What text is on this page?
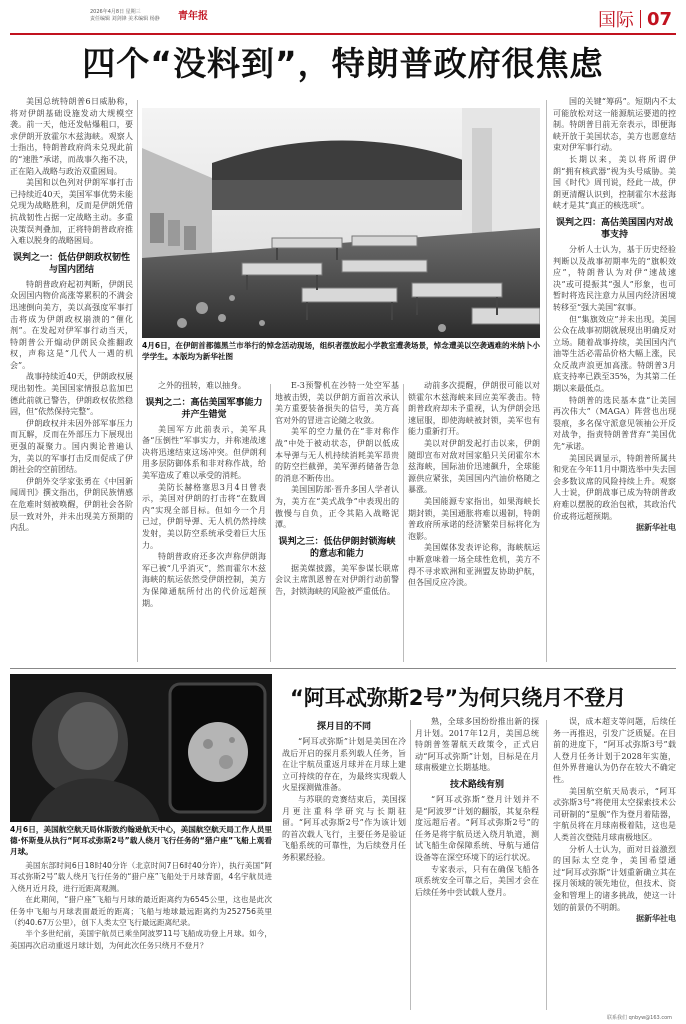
2026年4月8日 星期三
责任编辑 刘剑锋 美术编辑 杨静	青年报	国际 07
四个“没料到”，特朗普政府很焦虑

美国总统特朗普6日威胁称，将对伊朗基础设施发动大规模空袭。前一天，他还发帖爆粗口，要求伊朗开放霍尔木兹海峡。观察人士指出，特朗普政府尚未兑现此前的“速胜”承诺，而战事久拖不决，正在陷入战略与政治双重困局。

美国和以色列对伊朗军事打击已持续近40天，美国军事优势未能兑现为战略胜利，反而是伊朗凭借抗战韧性占据一定战略主动。多重决策误判叠加，正将特朗普政府推入难以脱身的战略困局。

误判之一：低估伊朗政权韧性与国内团结

特朗普政府起初判断，伊朗民众因国内物价高涨等累积的不满会迅速倒向美方，美以高强度军事打击将成为伊朗政权崩溃的“催化剂”。在发起对伊军事行动当天，特朗普公开煽动伊朗民众推翻政权，声称这是“几代人一遇的机会”。

战事持续近40天，伊朗政权展现出韧性。美国国家情报总监加巴德此前就已警告，伊朗政权依然稳固，但“依然保持完整”。

伊朗政权并未因外部军事压力而瓦解，反而在外部压力下展现出更强的凝聚力。国内舆论普遍认为，美以的军事打击反而促成了伊朗社会的空前团结。

伊朗外交学家张勇在《中国新闻周刊》撰文指出，伊朗民族情感在危难时刻被唤醒，伊朗社会各阶层一致对外，并未出现美方预期的内乱。

4月6日，在伊朗首都德黑兰市举行的悼念活动现场，组织者摆放起小学教室遭袭场景，悼念遭美以空袭遇难的米纳卜小学学生。本版均为新华社图

国的关键“筹码”。短期内不太可能放松对这一能源航运要道的控制。特朗普目前无奈表示，即便海峡开放于美国状态，美方也愿意结束对伊军事行动。

长期以来，美以将所谓伊朗“拥有核武器”视为头号威胁。美国《时代》周刊说，经此一战，伊朗更清醒认识到，控制霍尔木兹海峡才是其“真正的核选项”。

误判之四：高估美国国内对战事支持

分析人士认为，基于历史经验判断以及战事初期率先的“旗帜效应”，特朗普认为对伊“速战速决”或可提振其“强人”形象，也可暂时将选民注意力从国内经济困境转移至“强大美国”叙事。

但“集旗效应”并未出现。美国公众在战事初期就展现出明确反对立场。随着战事持续，美国国内汽油等生活必需品价格大幅上涨，民众反战声浪更加高涨。特朗普3月底支持率已跌至35%，为其第二任期以来最低点。

特朗普的选民基本盘“让美国再次伟大”（MAGA）阵营也出现裂痕，多名保守派意见领袖公开反对战争，指责特朗普背弃“美国优先”承诺。

美国民调显示，特朗普所属共和党在今年11月中期选举中失去国会多数议席的风险持续上升。观察人士说，伊朗战事已成为特朗普政府难以摆脱的政治包袱，其政治代价或将远超预期。

据新华社电

之外的扭转，难以抽身。

误判之二：高估美国军事能力并产生错觉

美国军方此前表示，美军具备“压倒性”军事实力，并称速战速决将迅速结束这场冲突。但伊朗利用多层防御体系和非对称作战，给美军造成了难以承受的消耗。

美防长赫格塞思3月4日曾表示，美国对伊朗的打击将“在数周内”实现全部目标。但如今一个月已过，伊朗导弹、无人机仍然持续发射，美以防空系统承受着巨大压力。

特朗普政府还多次声称伊朗海军已被“几乎消灭”，然而霍尔木兹海峡的航运依然受伊朗控制，美方为保障通航所付出的代价远超预期。

E-3预警机在沙特一处空军基地被击毁，美以伊朗方面首次承认美方重要装备损失的信号，美方高官对外的冒进言论随之收敛。

美军的空力量仍在“非对称作战”中处于被动状态，伊朗以低成本导弹与无人机持续消耗美军昂贵的防空拦截弹，美军弹药储备告急的消息不断传出。

美国国防部·晋升多国人学者认为，美方在“美式战争”中表现出的傲慢与自负，正令其陷入战略泥潭。

误判之三：低估伊朗封锁海峡的意志和能力

据美媒披露，美军参谋长联席会议主席凯恩曾在对伊朗行动前警告，封锁海峡的风险被严重低估。

动前多次提醒，伊朗很可能以对锁霍尔木兹海峡来回应美军袭击。特朗普政府却未予重视，认为伊朗会迅速屈服，即使海峡被封锁，美军也有能力重新打开。

美以对伊朗发起打击以来，伊朗随即宣布对敌对国家船只关闭霍尔木兹海峡，国际油价迅速飙升，全球能源供应紧张，美国国内汽油价格随之暴涨。

美国能源专家指出，如果海峡长期封锁，美国通胀将难以遏制，特朗普政府所承诺的经济繁荣目标将化为泡影。

美国媒体发表评论称，海峡航运中断意味着一场全球性危机，美方不得不寻求欧洲和亚洲盟友协助护航，但各国反应冷淡。

4月6日，美国航空航天局休斯敦约翰逊航天中心，美国航空航天局工作人员里德·怀斯曼从执行“阿耳忒弥斯2号”载人绕月飞行任务的“猎户座”飞船上观看月球。

美国东部时间6日18时40分许（北京时间7日6时40分许），执行美国“阿耳忒弥斯2号”载人绕月飞行任务的“猎户座”飞船处于月球背面，4名宇航员进入绕月近月段，进行近距离观测。

在此期间，“猎户座”飞船与月球的最近距离约为6545公里，这也是此次任务中飞船与月球表面最近的距离；飞船与地球最远距离约为252756英里（约40.67万公里），创下人类太空飞行最远距离纪录。

半个多世纪前，美国宇航员已乘坐阿波罗11号飞船成功登上月球。如今，美国再次启动重返月球计划，为何此次任务只绕月不登月？

“阿耳忒弥斯2号”为何只绕月不登月
探月目的不同

“阿耳忒弥斯”计划是美国在冷战后开启的探月系列载人任务，旨在让宇航员重返月球并在月球上建立可持续的存在，为最终实现载人火星探测做准备。

与苏联的竞赛结束后，美国探月更注重科学研究与长期驻留。“阿耳忒弥斯2号”作为该计划的首次载人飞行，主要任务是验证飞船系统的可靠性，为后续登月任务积累经验。

熟，全球多国纷纷推出新的探月计划。2017年12月，美国总统特朗普签署航天政策令，正式启动“阿耳忒弥斯”计划，目标是在月球南极建立长期基地。

技术路线有别

“阿耳忒弥斯”登月计划并不是“阿波罗”计划的翻版，其复杂程度远超后者。“阿耳忒弥斯2号”的任务是将宇航员送入绕月轨道，测试飞船生命保障系统、导航与通信设备等在深空环境下的运行状况。

专家表示，只有在确保飞船各项系统安全可靠之后，美国才会在后续任务中尝试载人登月。

误，成本超支等问题，后续任务一再推迟，引发广泛质疑。在目前的进度下，“阿耳忒弥斯3号”载人登月任务计划于2028年实施，但外界普遍认为仍存在较大不确定性。

美国航空航天局表示，“阿耳忒弥斯3号”将使用太空探索技术公司研制的“星舰”作为登月着陆器，宇航员将在月球南极着陆，这也是人类首次登陆月球南极地区。

分析人士认为，面对日益激烈的国际太空竞争，美国希望通过“阿耳忒弥斯”计划重新确立其在探月领域的领先地位，但技术、资金和管理上的诸多挑战，使这一计划的前景仍不明朗。

据新华社电
联系我们 qnbyw@163.com
